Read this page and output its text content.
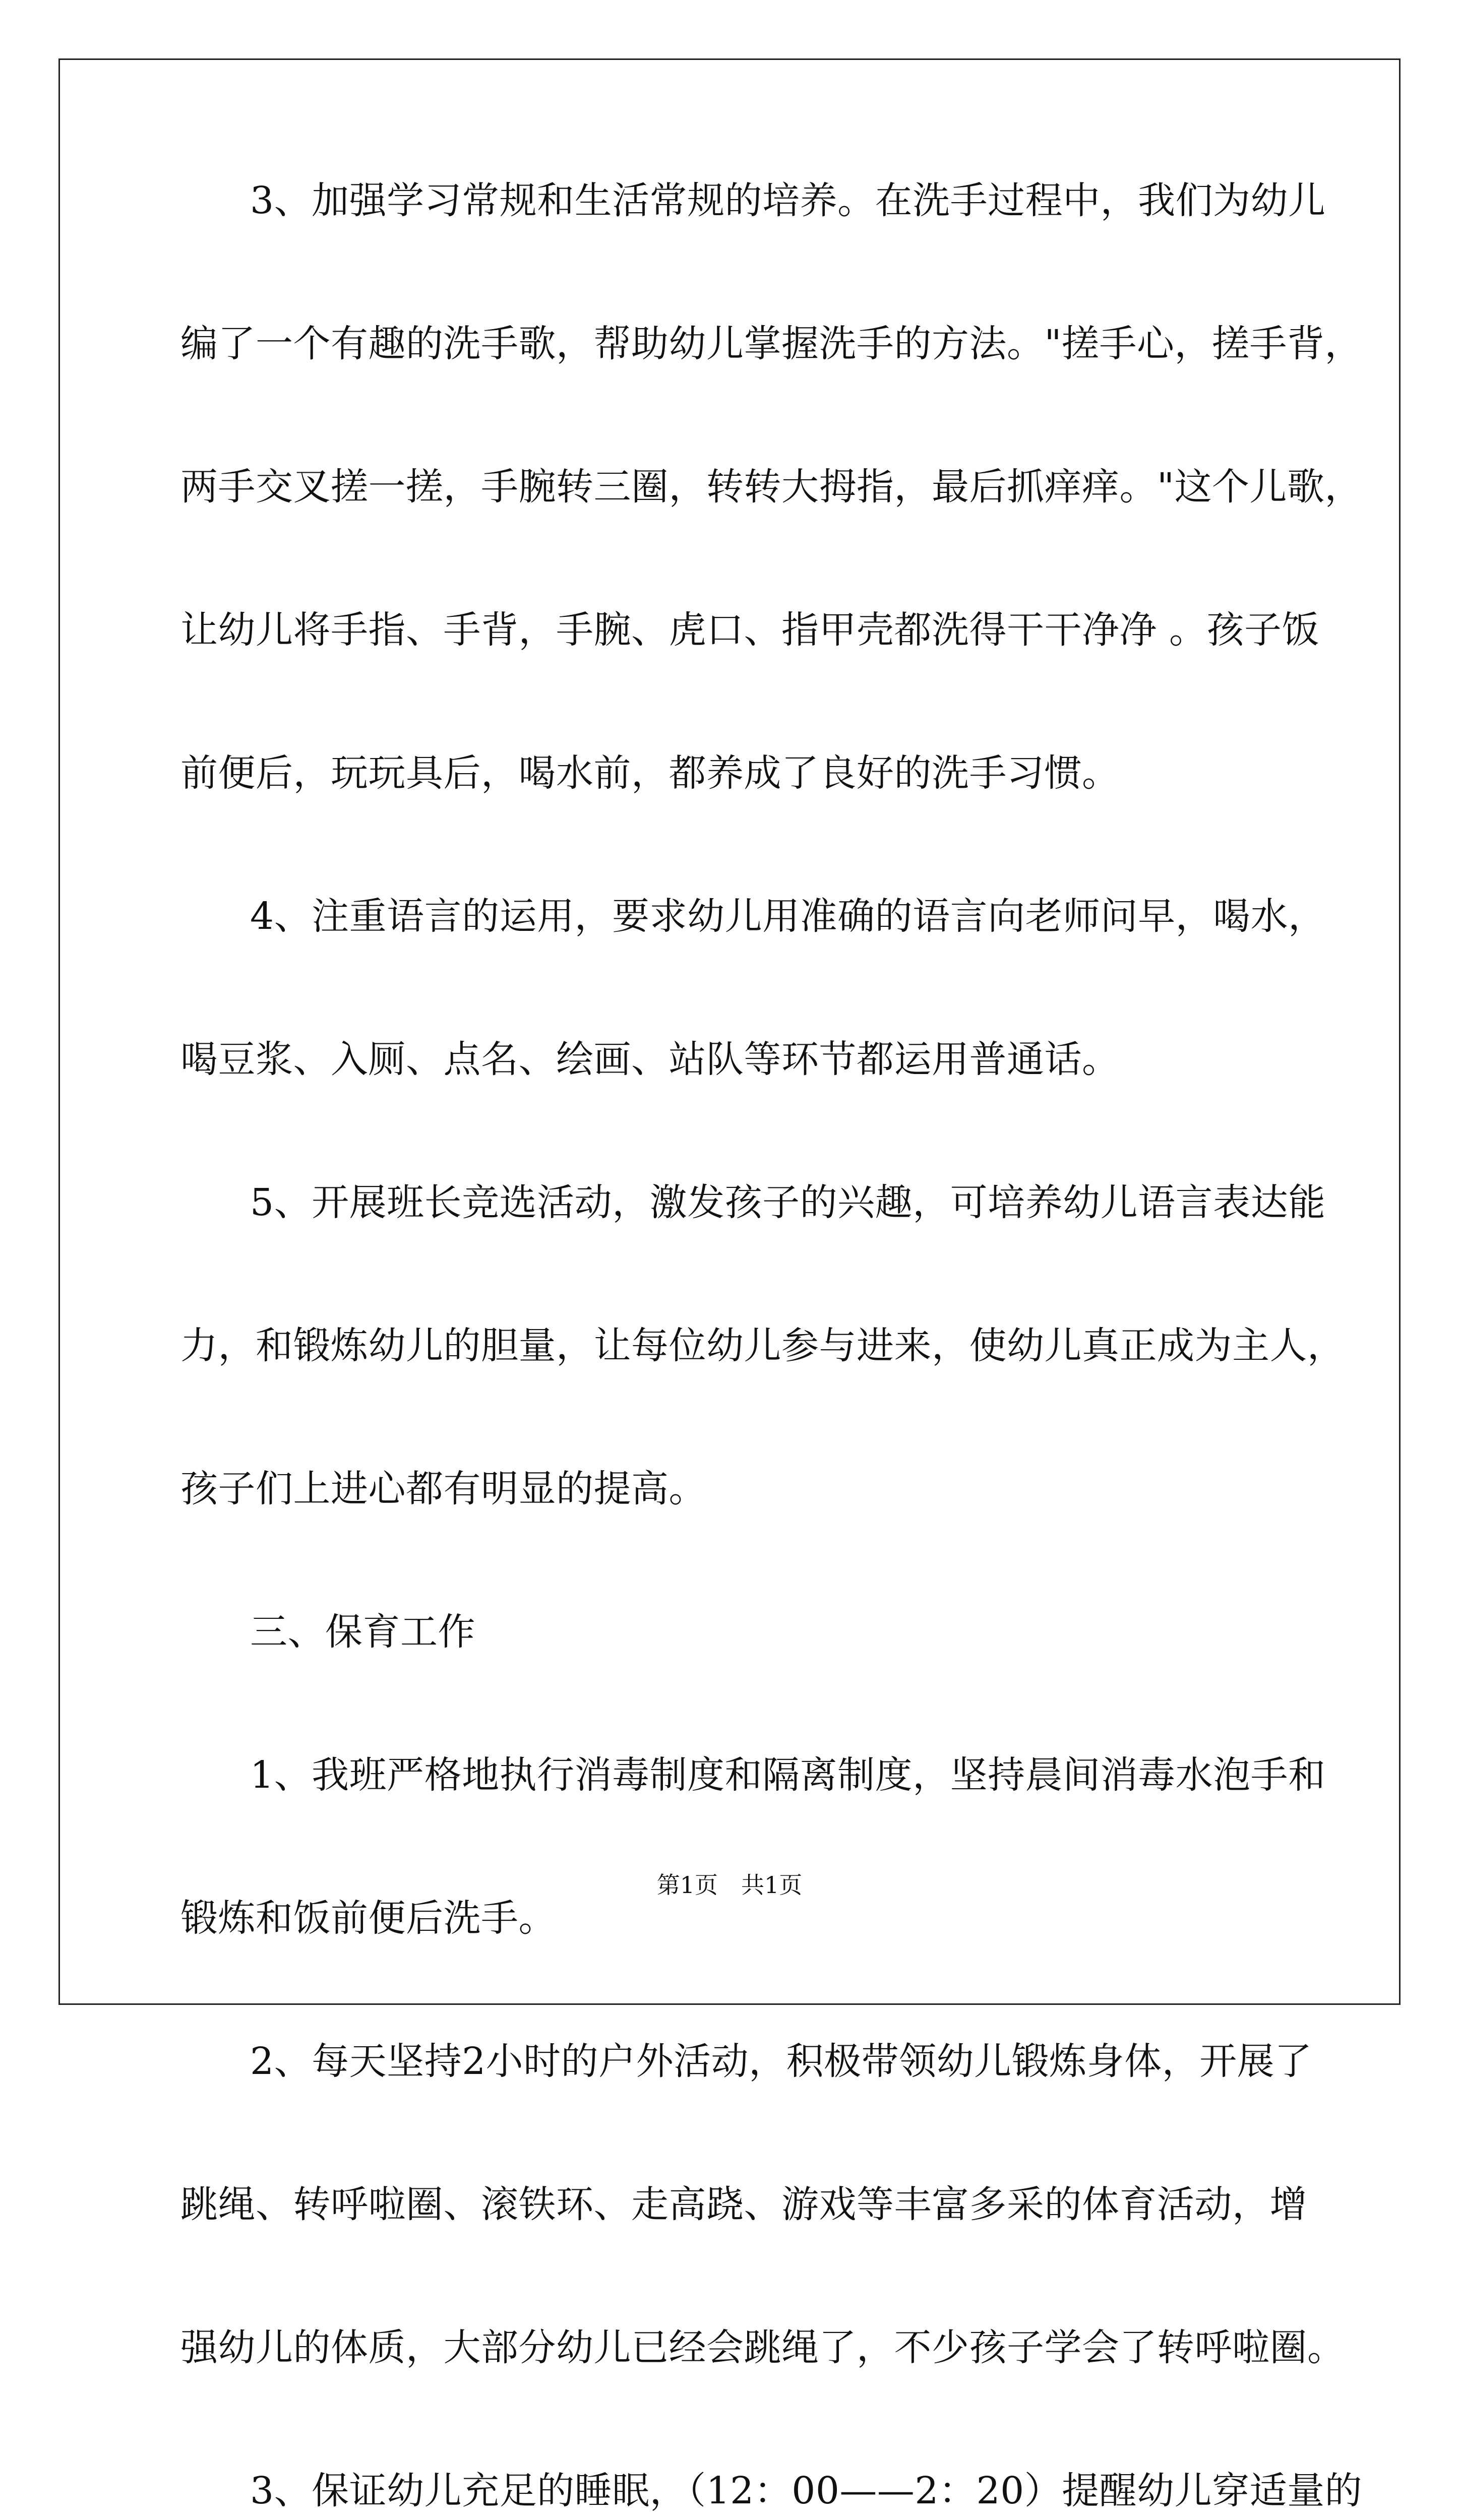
3、加强学习常规和生活常规的培养。在洗手过程中，我们为幼儿
编了一个有趣的洗手歌，帮助幼儿掌握洗手的方法。"搓手心，搓手背，
两手交叉搓一搓，手腕转三圈，转转大拇指，最后抓痒痒。"这个儿歌，
让幼儿将手指、手背，手腕、虎口、指甲壳都洗得干干净净 。孩子饭
前便后，玩玩具后，喝水前，都养成了良好的洗手习惯。
4、注重语言的运用，要求幼儿用准确的语言向老师问早，喝水，
喝豆浆、入厕、点名、绘画、站队等环节都运用普通话。
5、开展班长竞选活动，激发孩子的兴趣，可培养幼儿语言表达能
力，和锻炼幼儿的胆量，让每位幼儿参与进来，使幼儿真正成为主人，
孩子们上进心都有明显的提高。
三、保育工作
1、我班严格地执行消毒制度和隔离制度，坚持晨间消毒水泡手和
锻炼和饭前便后洗手。
2、每天坚持2小时的户外活动，积极带领幼儿锻炼身体，开展了
跳绳、转呼啦圈、滚铁环、走高跷、游戏等丰富多采的体育活动，增
强幼儿的体质，大部分幼儿已经会跳绳了，不少孩子学会了转呼啦圈。
3、保证幼儿充足的睡眠，（12：00——2：20）提醒幼儿穿适量的
第1页　共1页
